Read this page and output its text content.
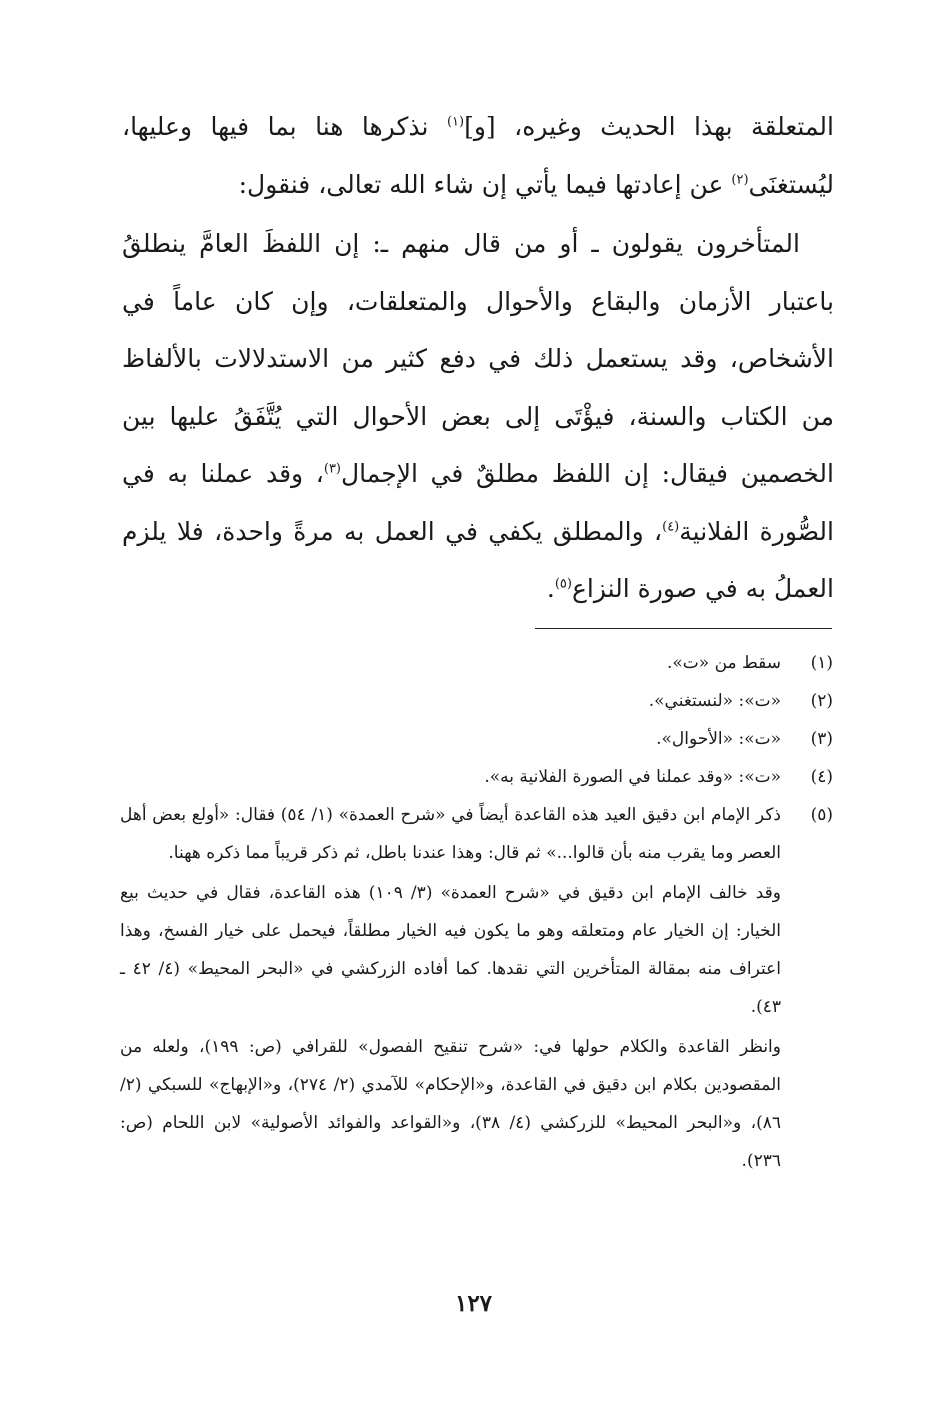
المتعلقة بهذا الحديث وغيره، [و]$^{(١)}$ نذكرها هنا بما فيها وعليها، ليُستغنَى$^{(٢)}$ عن إعادتها فيما يأتي إن شاء الله تعالى، فنقول:

المتأخرون يقولون ـ أو من قال منهم ـ: إن اللفظَ العامَّ ينطلقُ باعتبار الأزمان والبقاع والأحوال والمتعلقات، وإن كان عاماً في الأشخاص، وقد يستعمل ذلك في دفع كثير من الاستدلالات بالألفاظ من الكتاب والسنة، فيؤْتَى إلى بعض الأحوال التي يُتَّفَقُ عليها بين الخصمين فيقال: إن اللفظ مطلقٌ في الإجمال$^{(٣)}$، وقد عملنا به في الصُّورة الفلانية$^{(٤)}$، والمطلق يكفي في العمل به مرةً واحدة، فلا يلزم العملُ به في صورة النزاع$^{(٥)}$.

(١)

سقط من «ت».

(٢)

«ت»: «لنستغني».

(٣)

«ت»: «الأحوال».

(٤)

«ت»: «وقد عملنا في الصورة الفلانية به».

(٥)

ذكر الإمام ابن دقيق العيد هذه القاعدة أيضاً في «شرح العمدة» (١/ ٥٤) فقال: «أولع بعض أهل العصر وما يقرب منه بأن قالوا...» ثم قال: وهذا عندنا باطل، ثم ذكر قريباً مما ذكره ههنا.

وقد خالف الإمام ابن دقيق في «شرح العمدة» (٣/ ١٠٩) هذه القاعدة، فقال في حديث بيع الخيار: إن الخيار عام ومتعلقه وهو ما يكون فيه الخيار مطلقاً، فيحمل على خيار الفسخ، وهذا اعتراف منه بمقالة المتأخرين التي نقدها. كما أفاده الزركشي في «البحر المحيط» (٤/ ٤٢ ـ ٤٣).

وانظر القاعدة والكلام حولها في: «شرح تنقيح الفصول» للقرافي (ص: ١٩٩)، ولعله من المقصودين بكلام ابن دقيق في القاعدة، و«الإحكام» للآمدي (٢/ ٢٧٤)، و«الإبهاج» للسبكي (٢/ ٨٦)، و«البحر المحيط» للزركشي (٤/ ٣٨)، و«القواعد والفوائد الأصولية» لابن اللحام (ص: ٢٣٦).

١٢٧
